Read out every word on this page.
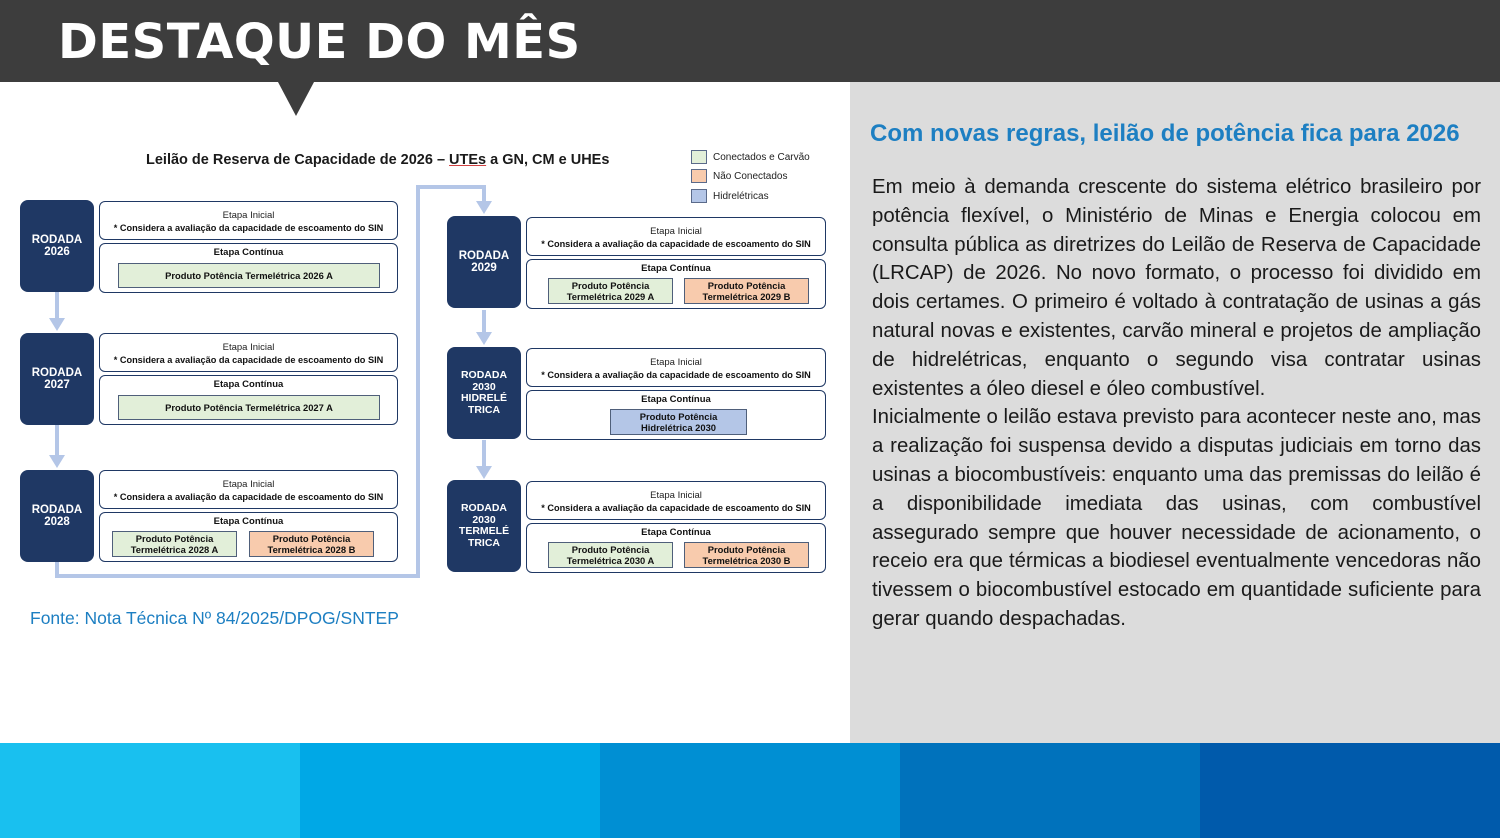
DESTAQUE DO MÊS
Leilão de Reserva de Capacidade de 2026 – UTEs a GN, CM e UHEs	Conectados e Carvão
Não Conectados
Hidrelétricas
RODADA
2026
Etapa Inicial
* Considera a avaliação da capacidade de escoamento do SIN
Etapa Contínua
Produto Potência Termelétrica 2026 A
RODADA
2027
Etapa Inicial
* Considera a avaliação da capacidade de escoamento do SIN
Etapa Contínua
Produto Potência Termelétrica 2027 A
RODADA
2028
Etapa Inicial
* Considera a avaliação da capacidade de escoamento do SIN
Etapa Contínua
Produto Potência
Termelétrica 2028 A
Produto Potência
Termelétrica 2028 B
RODADA
2029
Etapa Inicial
* Considera a avaliação da capacidade de escoamento do SIN
Etapa Contínua
Produto Potência
Termelétrica 2029 A
Produto Potência
Termelétrica 2029 B
RODADA
2030
HIDRELÉ
TRICA
Etapa Inicial
* Considera a avaliação da capacidade de escoamento do SIN
Etapa Contínua
Produto Potência
Hidrelétrica 2030
RODADA
2030
TERMELÉ
TRICA
Etapa Inicial
* Considera a avaliação da capacidade de escoamento do SIN
Etapa Contínua
Produto Potência
Termelétrica 2030 A
Produto Potência
Termelétrica 2030 B
Fonte: Nota Técnica Nº 84/2025/DPOG/SNTEP
Com novas regras, leilão de potência fica para 2026

Em meio à demanda crescente do sistema elétrico brasileiro por potência flexível, o Ministério de Minas e Energia colocou em consulta pública as diretrizes do Leilão de Reserva de Capacidade (LRCAP) de 2026. No novo formato, o processo foi dividido em dois certames. O primeiro é voltado à contratação de usinas a gás natural novas e existentes, carvão mineral e projetos de ampliação de hidrelétricas, enquanto o segundo visa contratar usinas existentes a óleo diesel e óleo combustível.

Inicialmente o leilão estava previsto para acontecer neste ano, mas a realização foi suspensa devido a disputas judiciais em torno das usinas a biocombustíveis: enquanto uma das premissas do leilão é a disponibilidade imediata das usinas, com combustível assegurado sempre que houver necessidade de acionamento, o receio era que térmicas a biodiesel eventualmente vencedoras não tivessem o biocombustível estocado em quantidade suficiente para gerar quando despachadas.
